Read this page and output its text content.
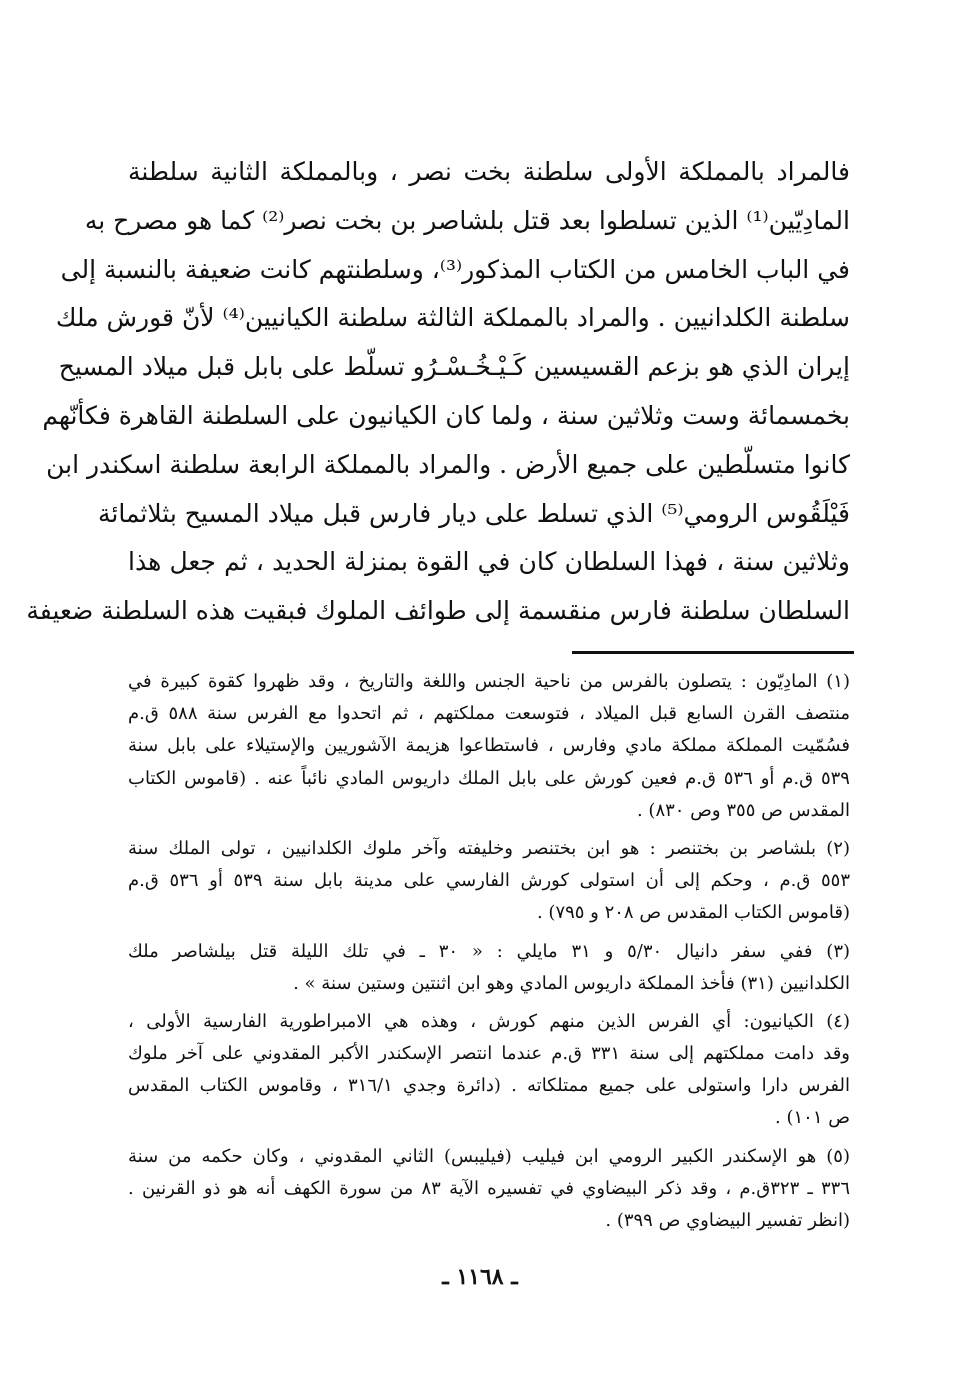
فالمراد بالمملكة الأولى سلطنة بخت نصر ، وبالمملكة الثانية سلطنة
المادِيّين⁽¹⁾ الذين تسلطوا بعد قتل بلشاصر بن بخت نصر⁽²⁾ كما هو مصرح به
في الباب الخامس من الكتاب المذكور⁽³⁾، وسلطنتهم كانت ضعيفة بالنسبة إلى
سلطنة الكلدانيين . والمراد بالمملكة الثالثة سلطنة الكيانيين⁽⁴⁾ لأنّ قورش ملك
إيران الذي هو بزعم القسيسين كَـيْـخُـسْـرُو تسلّط على بابل قبل ميلاد المسيح
بخمسمائة وست وثلاثين سنة ، ولما كان الكيانيون على السلطنة القاهرة فكأنّهم
كانوا متسلّطين على جميع الأرض . والمراد بالمملكة الرابعة سلطنة اسكندر ابن
فَيْلَقُوس الرومي⁽⁵⁾ الذي تسلط على ديار فارس قبل ميلاد المسيح بثلاثمائة
وثلاثين سنة ، فهذا السلطان كان في القوة بمنزلة الحديد ، ثم جعل هذا
السلطان سلطنة فارس منقسمة إلى طوائف الملوك فبقيت هذه السلطنة ضعيفة
(١) المادِيّون : يتصلون بالفرس من ناحية الجنس واللغة والتاريخ ، وقد ظهروا كقوة كبيرة في
منتصف القرن السابع قبل الميلاد ، فتوسعت مملكتهم ، ثم اتحدوا مع الفرس سنة ٥٨٨ ق.م
فسُمّيت المملكة مملكة مادي وفارس ، فاستطاعوا هزيمة الآشوريين والإستيلاء على بابل سنة
٥٣٩ ق.م أو ٥٣٦ ق.م فعين كورش على بابل الملك داريوس المادي نائباً عنه . (قاموس الكتاب
المقدس ص ٣٥٥ وص ٨٣٠) .
(٢) بلشاصر بن بختنصر : هو ابن بختنصر وخليفته وآخر ملوك الكلدانيين ، تولى الملك سنة
٥٥٣ ق.م ، وحكم إلى أن استولى كورش الفارسي على مدينة بابل سنة ٥٣٩ أو ٥٣٦ ق.م
(قاموس الكتاب المقدس ص ٢٠٨ و ٧٩٥) .
(٣) ففي سفر دانيال ٥/٣٠ و ٣١ مايلي : « ٣٠ ـ في تلك الليلة قتل بيلشاصر ملك
الكلدانيين (٣١) فأخذ المملكة داريوس المادي وهو ابن اثنتين وستين سنة » .
(٤) الكيانيون: أي الفرس الذين منهم كورش ، وهذه هي الامبراطورية الفارسية الأولى ،
وقد دامت مملكتهم إلى سنة ٣٣١ ق.م عندما انتصر الإسكندر الأكبر المقدوني على آخر ملوك
الفرس دارا واستولى على جميع ممتلكاته . (دائرة وجدي ٣١٦/١ ، وقاموس الكتاب المقدس
ص ١٠١) .
(٥) هو الإسكندر الكبير الرومي ابن فيليب (فيليبس) الثاني المقدوني ، وكان حكمه من سنة
٣٣٦ ـ ٣٢٣ق.م ، وقد ذكر البيضاوي في تفسيره الآية ٨٣ من سورة الكهف أنه هو ذو القرنين .
(انظر تفسير البيضاوي ص ٣٩٩) .
ـ ١١٦٨ ـ
